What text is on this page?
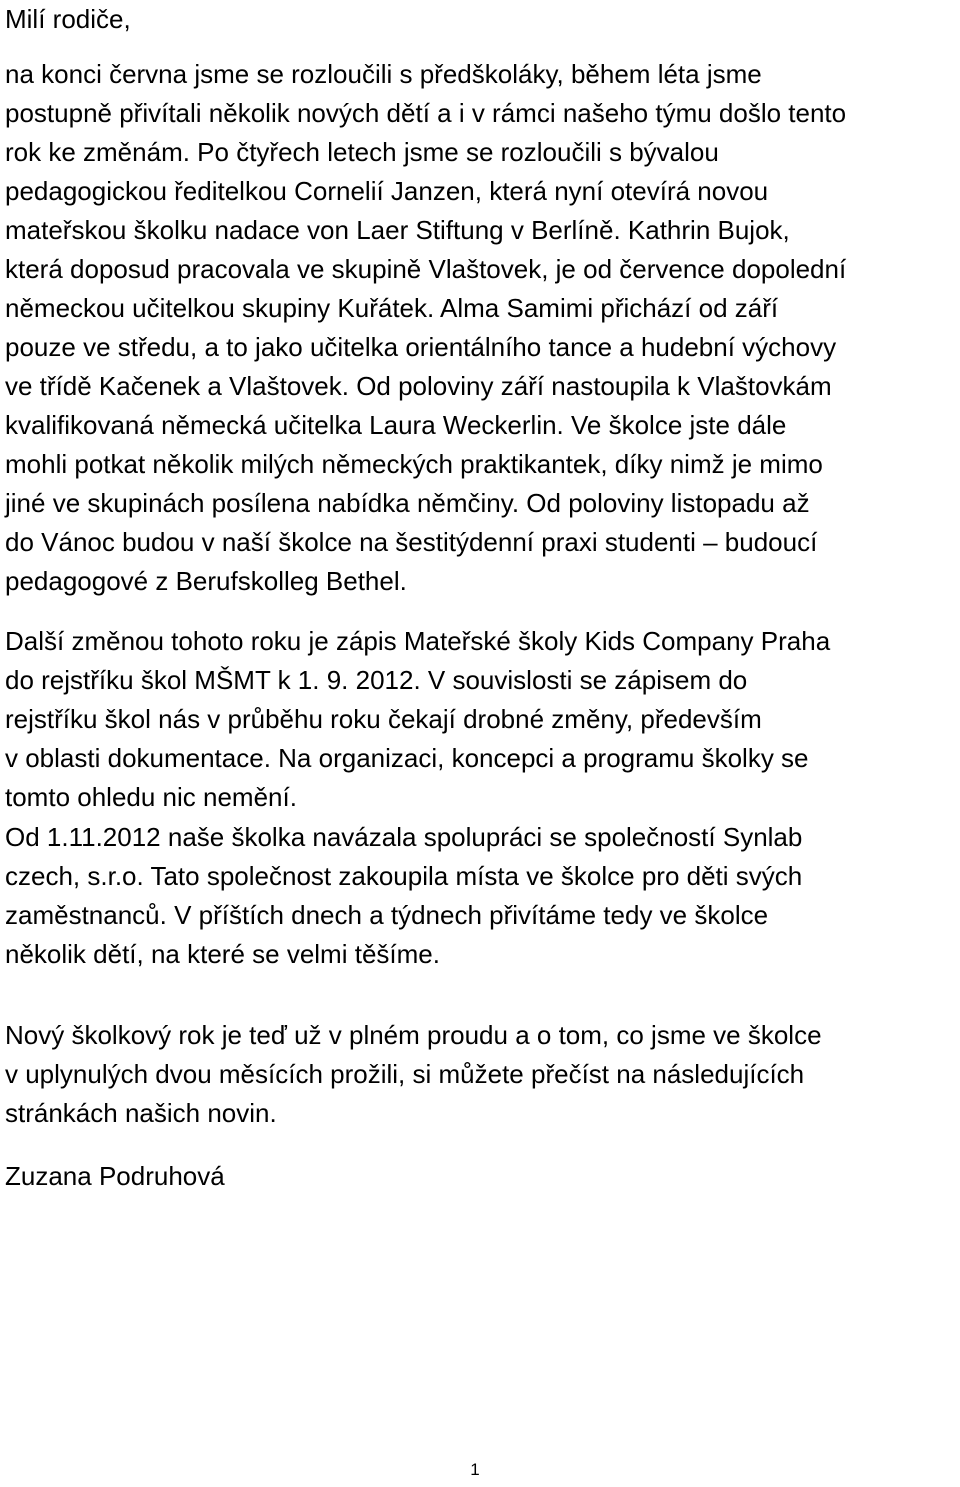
Milí rodiče,
na konci června jsme se rozloučili s předškoláky, během léta jsme
postupně přivítali několik nových dětí a i v rámci našeho týmu došlo tento
rok ke změnám. Po čtyřech letech jsme se rozloučili s bývalou
pedagogickou ředitelkou Cornelií Janzen, která nyní otevírá novou
mateřskou školku nadace von Laer Stiftung v Berlíně. Kathrin Bujok,
která doposud pracovala ve skupině Vlaštovek, je od července dopolední
německou učitelkou skupiny Kuřátek. Alma Samimi přichází od září
pouze ve středu, a to jako učitelka orientálního tance a hudební výchovy
ve třídě Kačenek a Vlaštovek. Od poloviny září nastoupila k Vlaštovkám
kvalifikovaná německá učitelka Laura Weckerlin. Ve školce jste dále
mohli potkat několik milých německých praktikantek, díky nimž je mimo
jiné ve skupinách posílena nabídka němčiny. Od poloviny listopadu až
do Vánoc budou v naší školce na šestitýdenní praxi studenti – budoucí
pedagogové z Berufskolleg Bethel.
Další změnou tohoto roku je zápis Mateřské školy Kids Company Praha
do rejstříku škol MŠMT k 1. 9. 2012. V souvislosti se zápisem do
rejstříku škol nás v průběhu roku čekají drobné změny, především
v oblasti dokumentace. Na organizaci, koncepci a programu školky se
tomto ohledu nic nemění.
Od 1.11.2012 naše školka navázala spolupráci se společností Synlab
czech, s.r.o. Tato společnost zakoupila místa ve školce pro děti svých
zaměstnanců. V příštích dnech a týdnech přivítáme tedy ve školce
několik dětí, na které se velmi těšíme.
Nový školkový rok je teď už v plném proudu a o tom, co jsme ve školce
v uplynulých dvou měsících prožili, si můžete přečíst na následujících
stránkách našich novin.
Zuzana Podruhová
1
